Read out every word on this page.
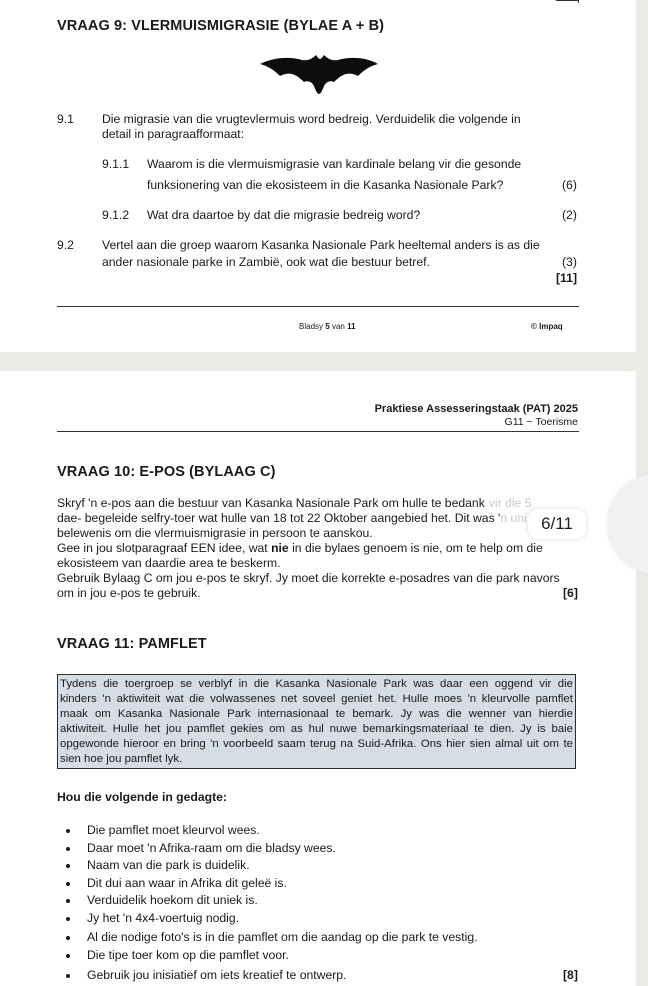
VRAAG 9: VLERMUISMIGRASIE (BYLAE A + B)
9.1 Die migrasie van die vrugtevlermuis word bedreig. Verduidelik die volgende in
detail in paragraafformaat:
9.1.1 Waarom is die vlermuismigrasie van kardinale belang vir die gesonde
funksionering van die ekosisteem in die Kasanka Nasionale Park?	(6)
9.1.2 Wat dra daartoe by dat die migrasie bedreig word?	(2)
9.2 Vertel aan die groep waarom Kasanka Nasionale Park heeltemal anders is as die
ander nasionale parke in Zambië, ook wat die bestuur betref.	(3)
[11]
Bladsy 5 van 11	© Impaq
Praktiese Assesseringstaak (PAT) 2025
G11 ~ Toerisme
VRAAG 10: E-POS (BYLAAG C)
Skryf 'n e-pos aan die bestuur van Kasanka Nasionale Park om hulle te bedank vir die 5
dae- begeleide selfry-toer wat hulle van 18 tot 22 Oktober aangebied het. Dit was 'n uni
belewenis om die vlermuismigrasie in persoon te aanskou.
Gee in jou slotparagraaf EEN idee, wat nie in die bylaes genoem is nie, om te help om die
ekosisteem van daardie area te beskerm.
Gebruik Bylaag C om jou e-pos te skryf. Jy moet die korrekte e-posadres van die park navors
om in jou e-pos te gebruik.	[6]
VRAAG 11: PAMFLET
Tydens die toergroep se verblyf in die Kasanka Nasionale Park was daar een oggend vir die
kinders 'n aktiwiteit wat die volwassenes net soveel geniet het. Hulle moes 'n kleurvolle pamflet
maak om Kasanka Nasionale Park internasionaal te bemark. Jy was die wenner van hierdie
aktiwiteit. Hulle het jou pamflet gekies om as hul nuwe bemarkingsmateriaal te dien. Jy is baie
opgewonde hieroor en bring 'n voorbeeld saam terug na Suid-Afrika. Ons hier sien almal uit om te
sien hoe jou pamflet lyk.
Hou die volgende in gedagte:
Die pamflet moet kleurvol wees.
Daar moet 'n Afrika-raam om die bladsy wees.
Naam van die park is duidelik.
Dit dui aan waar in Afrika dit geleë is.
Verduidelik hoekom dit uniek is.
Jy het 'n 4x4-voertuig nodig.
Al die nodige foto's is in die pamflet om die aandag op die park te vestig.
Die tipe toer kom op die pamflet voor.
Gebruik jou inisiatief om iets kreatief te ontwerp.	[8]
6/11
